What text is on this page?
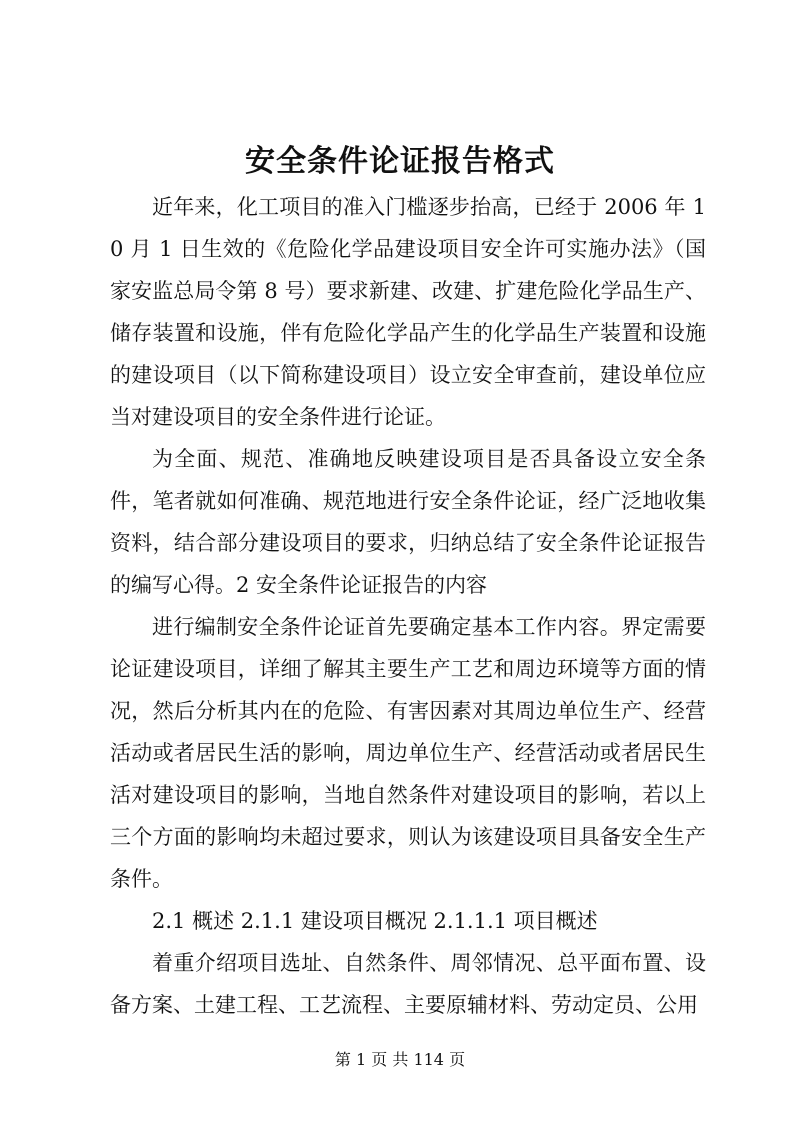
安全条件论证报告格式

近年来，化工项目的准入门槛逐步抬高，已经于 2006 年 10 月 1 日生效的《危险化学品建设项目安全许可实施办法》（国家安监总局令第 8 号）要求新建、改建、扩建危险化学品生产、储存装置和设施，伴有危险化学品产生的化学品生产装置和设施的建设项目（以下简称建设项目）设立安全审查前，建设单位应当对建设项目的安全条件进行论证。

为全面、规范、准确地反映建设项目是否具备设立安全条件，笔者就如何准确、规范地进行安全条件论证，经广泛地收集资料，结合部分建设项目的要求，归纳总结了安全条件论证报告的编写心得。2 安全条件论证报告的内容

进行编制安全条件论证首先要确定基本工作内容。界定需要论证建设项目，详细了解其主要生产工艺和周边环境等方面的情况，然后分析其内在的危险、有害因素对其周边单位生产、经营活动或者居民生活的影响，周边单位生产、经营活动或者居民生活对建设项目的影响，当地自然条件对建设项目的影响，若以上三个方面的影响均未超过要求，则认为该建设项目具备安全生产条件。

2.1 概述 2.1.1 建设项目概况 2.1.1.1 项目概述

着重介绍项目选址、自然条件、周邻情况、总平面布置、设备方案、土建工程、工艺流程、主要原辅材料、劳动定员、公用

第 1 页 共 114 页
